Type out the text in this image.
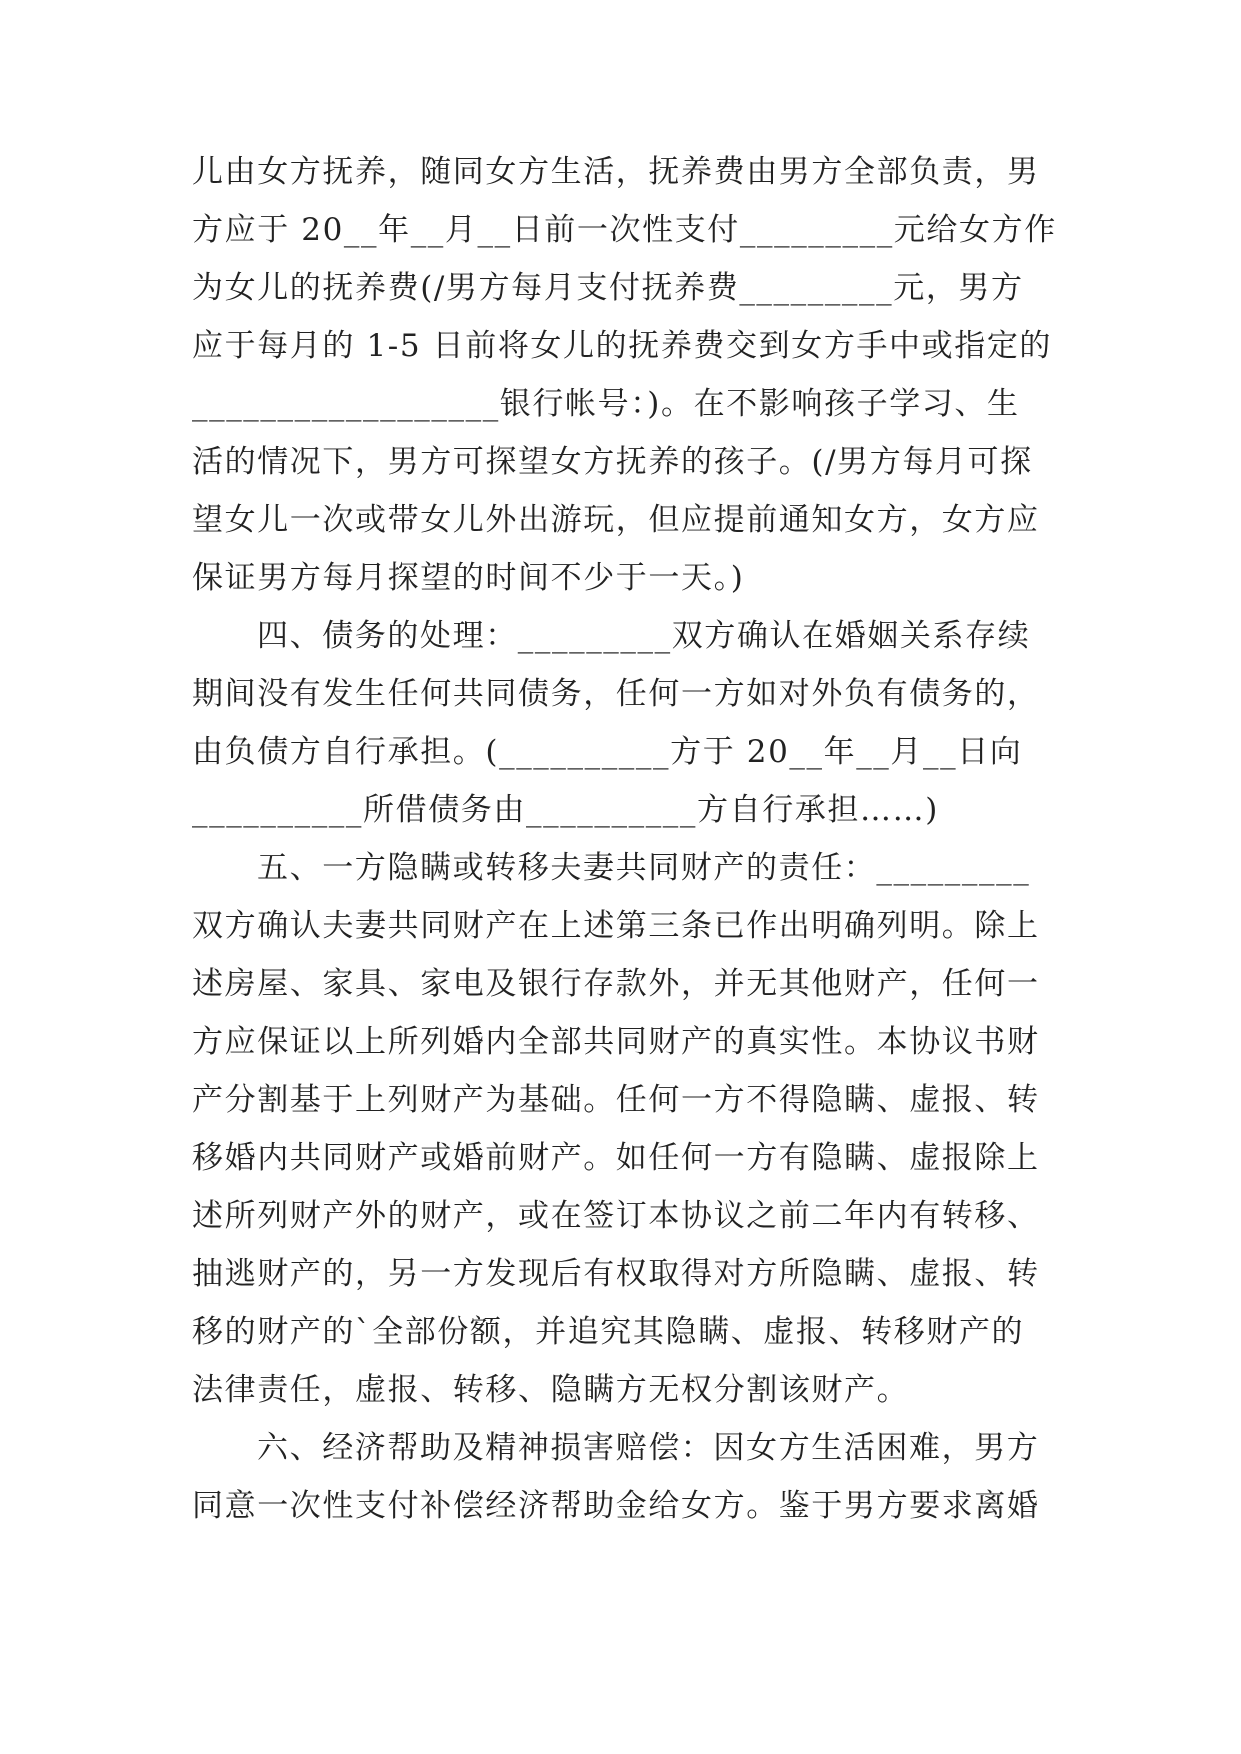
儿由女方抚养，随同女方生活，抚养费由男方全部负责，男
方应于 20__年__月__日前一次性支付_________元给女方作
为女儿的抚养费(/男方每月支付抚养费_________元，男方
应于每月的 1-5 日前将女儿的抚养费交到女方手中或指定的
__________________银行帐号：)。在不影响孩子学习、生
活的情况下，男方可探望女方抚养的孩子。(/男方每月可探
望女儿一次或带女儿外出游玩，但应提前通知女方，女方应
保证男方每月探望的时间不少于一天。)
四、债务的处理：_________双方确认在婚姻关系存续
期间没有发生任何共同债务，任何一方如对外负有债务的，
由负债方自行承担。(__________方于 20__年__月__日向
__________所借债务由__________方自行承担……)
五、一方隐瞒或转移夫妻共同财产的责任：_________
双方确认夫妻共同财产在上述第三条已作出明确列明。除上
述房屋、家具、家电及银行存款外，并无其他财产，任何一
方应保证以上所列婚内全部共同财产的真实性。本协议书财
产分割基于上列财产为基础。任何一方不得隐瞒、虚报、转
移婚内共同财产或婚前财产。如任何一方有隐瞒、虚报除上
述所列财产外的财产，或在签订本协议之前二年内有转移、
抽逃财产的，另一方发现后有权取得对方所隐瞒、虚报、转
移的财产的`全部份额，并追究其隐瞒、虚报、转移财产的
法律责任，虚报、转移、隐瞒方无权分割该财产。
六、经济帮助及精神损害赔偿：因女方生活困难，男方
同意一次性支付补偿经济帮助金给女方。鉴于男方要求离婚
